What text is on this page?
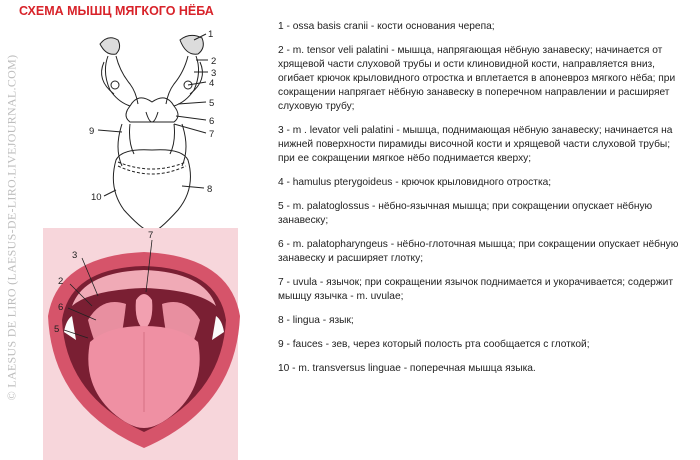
© LAESUS DE LIRO (LAESUS-DE-LIRO.LIVEJOURNAL.COM)
СХЕМА МЫШЦ МЯГКОГО НЁБА
1
2
3
4
5
6
7
8
9
10
7
3
2
6
5
1 - ossa basis cranii - кости основания черепа;
2 - m. tensor veli palatini - мышца, напрягающая нёбную занавеску; начинается от хрящевой части слуховой трубы и ости клиновидной кости, направляется вниз, огибает крючок крыловидного отростка и вплетается в апоневроз мягкого нёба; при сокращении напрягает нёбную занавеску в поперечном направлении и расширяет слуховую трубу;
3 - m . levator veli palatini - мышца, поднимающая нёбную занавеску; начинается на нижней поверхности пирамиды височной кости и хрящевой части слуховой трубы; при ее сокращении мягкое нёбо поднимается кверху;
4 - hamulus pterygoideus - крючок крыловидного отростка;
5 - m. palatoglossus - нёбно-язычная мышца; при сокращении опускает нёбную занавеску;
6 - m. palatopharyngeus - нёбно-глоточная мышца; при сокращении опускает нёбную занавеску и расширяет глотку;
7 - uvula - язычок; при сокращении язычок поднимается и укорачивается; содержит мышцу язычка - m. uvulae;
8 - lingua - язык;
9 - fauces - зев, через который полость рта сообщается с глоткой;
10 - m. transversus linguae - поперечная мышца языка.
